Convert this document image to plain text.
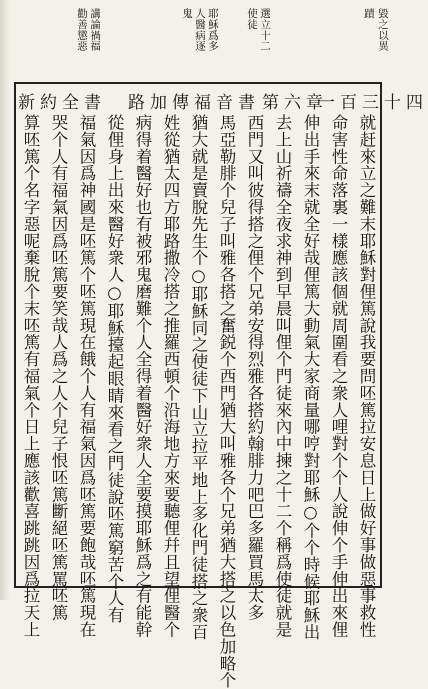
毀之以異
蹟
選立十二
使徒
耶穌爲多
人醫病逐
鬼
講論禍福
勸善懲惡
就赶來立之難末耶穌對俚篤說我要問呸篤拉安息日上做好事做惡事救性
命害性命落裏一樣應該個就周圍看之衆人哩對个个人說伸个手伸出來俚
伸出手來末就全好哉俚篤大動氣大家商量哪哼對耶穌○个个時候耶穌出
去上山祈禱全夜求神到早晨叫俚个門徒來內中揀之十二个稱爲使徒就是
西門又叫彼得搭之俚个兄弟安得烈雅各搭約翰腓力吧巴多羅買馬太多
馬亞勒腓个兒子叫雅各搭之奮鋭个西門猶大叫雅各个兄弟猶大搭之以色加略个
猶大就是賣脫先生个○耶穌同之使徒下山立拉平地上多化門徒搭之衆百
姓從猶太四方耶路撒冷搭之推羅西頓个沿海地方來要聽俚幷且望俚醫个
病得着醫好也有被邪鬼磨難个人全得着醫好衆人全要摸耶穌爲之有能幹
從俚身上出來醫好衆人○耶穌擡起眼睛來看之門徒說呸篤窮苦个人有
福氣因爲神國是呸篤个呸篤現在餓个人有福氣因爲呸篤要飽哉呸篤現在
哭个人有福氣因爲呸篤要笑哉人爲之人个兒子恨呸篤斷絕呸篤罵呸篤
算呸篤个名字惡呢棄脫个末呸篤有福氣个日上應該歡喜跳跳因爲拉天上
新約全書 路加傳福音書 第六章
一百三十四
